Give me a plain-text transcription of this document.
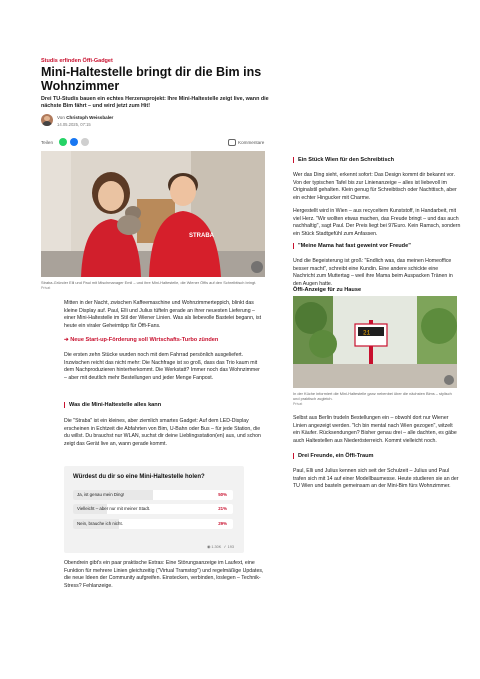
Studis erfinden Öffi-Gadget
Mini-Haltestelle bringt dir die Bim ins Wohnzimmer
Drei TU-Studis bauen ein echtes Herzensprojekt: Ihre Mini-Haltestelle zeigt live, wann die nächste Bim fährt – und wird jetzt zum Hit!
Von Christoph Weissbaler
14.05.2025, 07:15
Teilen	Kommentare
STRABA
Straba-Gründer Elli und Paul mit Mischmanager Emil – und ihre Mini-Haltestelle, die Wiener Öffis auf den Schreibtisch bringt. Privat

Mitten in der Nacht, zwischen Kaffeemaschine und Wohnzimmerteppich, blinkt das kleine Display auf. Paul, Elli und Julius tüfteln gerade an ihrer neuesten Lieferung – einer Mini-Haltestelle im Stil der Wiener Linien. Was als liebevolle Bastelei begann, ist heute ein viraler Geheimtipp für Öffi-Fans.

➔ Neue Start-up-Förderung soll Wirtschafts-Turbo zünden

Die ersten zehn Stücke wurden noch mit dem Fahrrad persönlich ausgeliefert. Inzwischen reicht das nicht mehr: Die Nachfrage ist so groß, dass das Trio kaum mit dem Nachproduzieren hinterherkommt. Die Werkstatt? Immer noch das Wohnzimmer – aber mit deutlich mehr Bestellungen und jeder Menge Fanpost.

Was die Mini-Haltestelle alles kann

Die "Straba" ist ein kleines, aber ziemlich smartes Gadget: Auf dem LED-Display erscheinen in Echtzeit die Abfahrten von Bim, U-Bahn oder Bus – für jede Station, die du willst. Du brauchst nur WLAN, suchst dir deine Lieblingsstation(en) aus, und schon zeigt das Gerät live an, wann gerade kommt.

Würdest du dir so eine Mini-Haltestelle holen?
Ja, ist genau mein Ding!	50%
Vielleicht – aber nur mit meiner Stadt.	21%
Nein, brauche ich nicht.	29%
◉ 1.30K ✓ 193

Obendrein gibt's ein paar praktische Extras: Eine Störungsanzeige im Laufext, eine Funktion für mehrere Linien gleichzeitig ("Virtual Tramstop") und regelmäßige Updates, die neue Ideen der Community aufgreifen. Einstecken, verbinden, loslegen – Technik-Stress? Fehlanzeige.

Ein Stück Wien für den Schreibtisch

Wer das Ding sieht, erkennt sofort: Das Design kommt dir bekannt vor. Von der typischen Tafel bis zur Linienanzeige – alles ist liebevoll im Originalstil gehalten. Klein genug für Schreibtisch oder Nachttisch, aber ein echter Hingucker mit Charme.

Hergestellt wird in Wien – aus recyceltem Kunststoff, in Handarbeit, mit viel Herz. "Wir wollten etwas machen, das Freude bringt – und das auch nachhaltig", sagt Paul. Der Preis liegt bei 97Euro. Kein Ramsch, sondern ein Stück Stadtgefühl zum Anfassen.

"Meine Mama hat fast geweint vor Freude"

Und die Begeisterung ist groß: "Endlich was, das meinen Homeoffice besser macht", schreibt eine Kundin. Eine andere schickte eine Nachricht zum Muttertag – weil ihre Mama beim Auspacken Tränen in den Augen hatte.

Öffi-Anzeige für zu Hause
21
In der Küche informiert die Mini-Haltestelle ganz nebenbei über die nächsten Bims – stylisch und praktisch zugleich.
Privat

Selbst aus Berlin trudeln Bestellungen ein – obwohl dort nur Wiener Linien angezeigt werden. "Ich bin mental nach Wien gezogen", witzelt ein Käufer. Rücksendungen? Bisher genau drei – alle dachten, es gäbe auch Haltestellen aus Niederösterreich. Kommt vielleicht noch.

Drei Freunde, ein Öffi-Traum

Paul, Elli und Julius kennen sich seit der Schulzeit – Julius und Paul trafen sich mit 14 auf einer Modellbaumesse. Heute studieren sie an der TU Wien und basteln gemeinsam an der Mini-Bim fürs Wohnzimmer.
